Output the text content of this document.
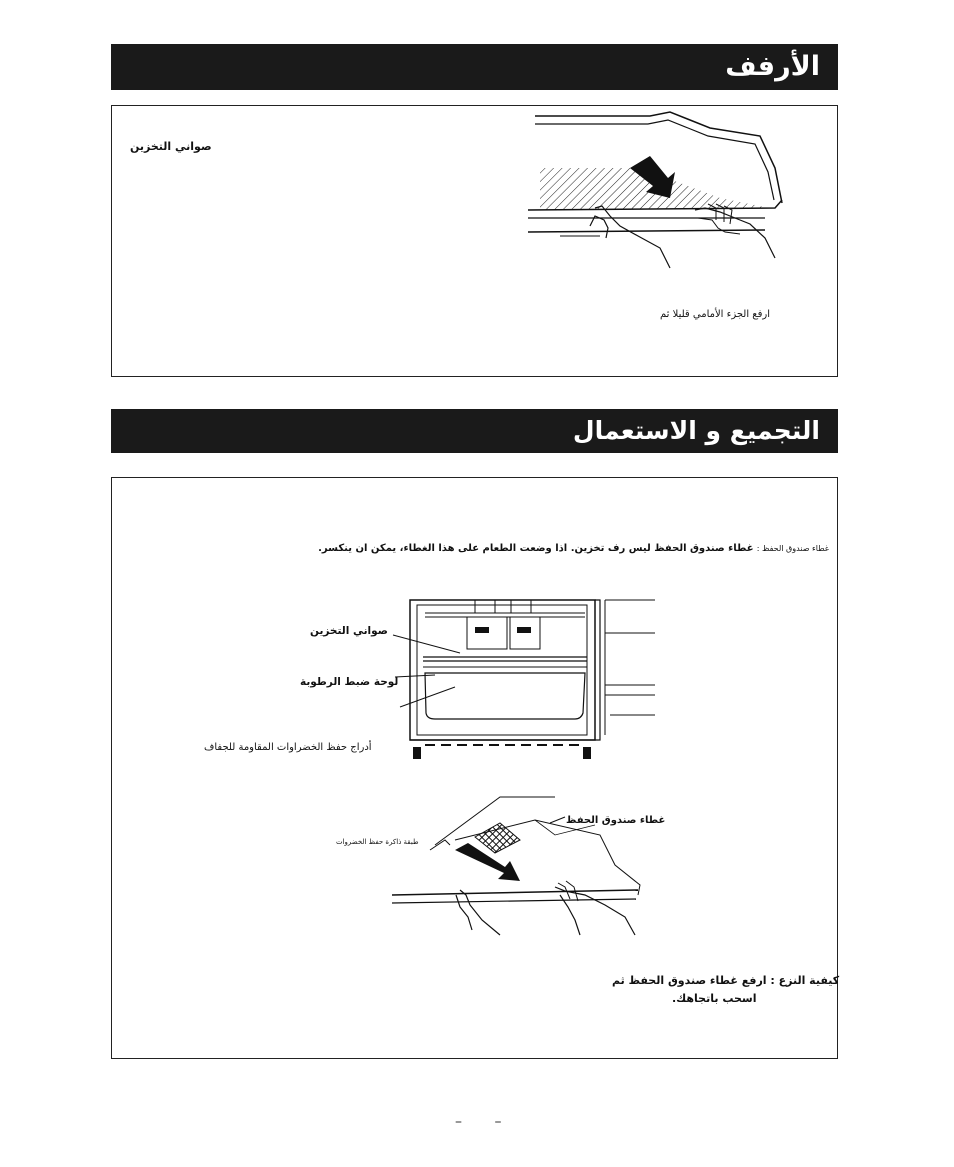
الأرفف
صواني التخزين
ارفع الجزء الأمامي قليلا ثم
التجميع و الاستعمال
غطاء صندوق الحفظ : غطاء صندوق الحفظ ليس رف تخزين. اذا وضعت الطعام على هذا الغطاء، يمكن ان ينكسر.
صواني التخزين
لوحة ضبط الرطوبة
أدراج حفظ الخضراوات المقاومة للجفاف
غطاء صندوق الحفظ
طبقة ذاكرة حفظ الخضروات
كيفية النزع : ارفع غطاء صندوق الحفظ ثم
اسحب باتجاهك.
– –
